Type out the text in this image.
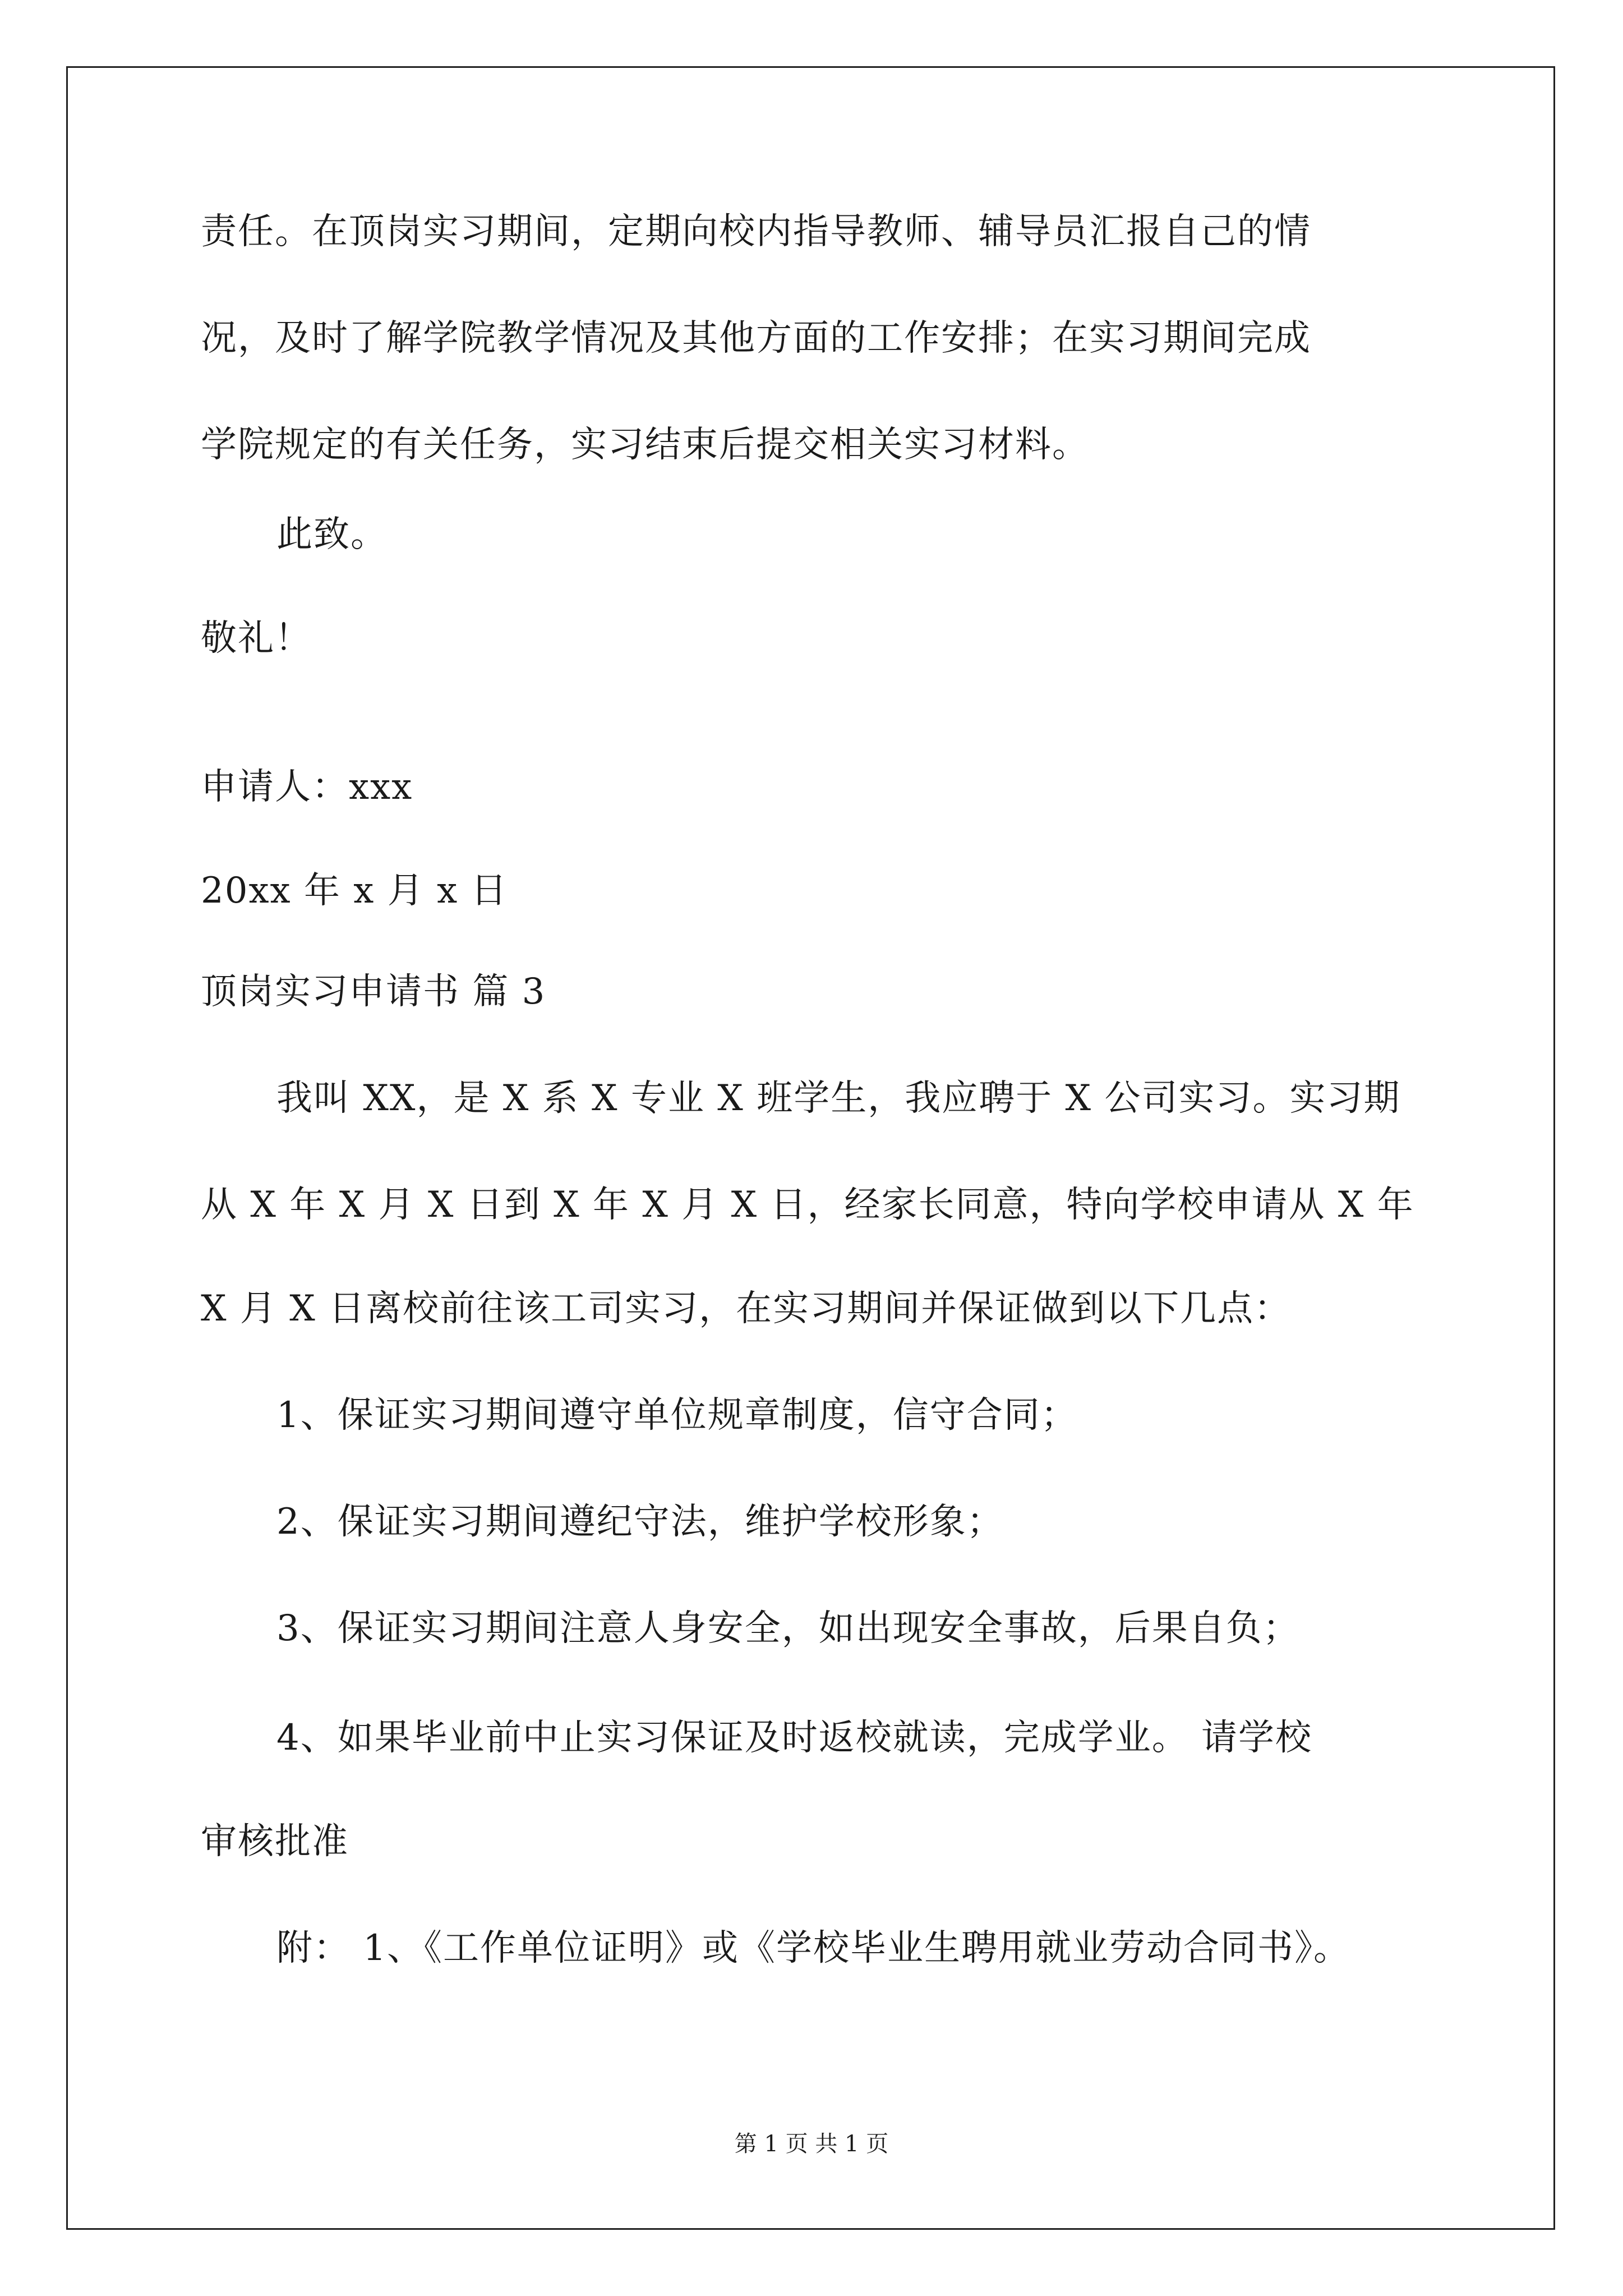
责任。在顶岗实习期间，定期向校内指导教师、辅导员汇报自己的情
况，及时了解学院教学情况及其他方面的工作安排；在实习期间完成
学院规定的有关任务，实习结束后提交相关实习材料。
此致。
敬礼！
申请人：xxx
20xx 年 x 月 x 日
顶岗实习申请书 篇 3
我叫 XX，是 X 系 X 专业 X 班学生，我应聘于 X 公司实习。实习期
从 X 年 X 月 X 日到 X 年 X 月 X 日，经家长同意，特向学校申请从 X 年
X 月 X 日离校前往该工司实习，在实习期间并保证做到以下几点：
1、保证实习期间遵守单位规章制度，信守合同；
2、保证实习期间遵纪守法，维护学校形象；
3、保证实习期间注意人身安全，如出现安全事故，后果自负；
4、如果毕业前中止实习保证及时返校就读，完成学业。 请学校
审核批准
附： 1、《工作单位证明》或《学校毕业生聘用就业劳动合同书》。
第 1 页 共 1 页
